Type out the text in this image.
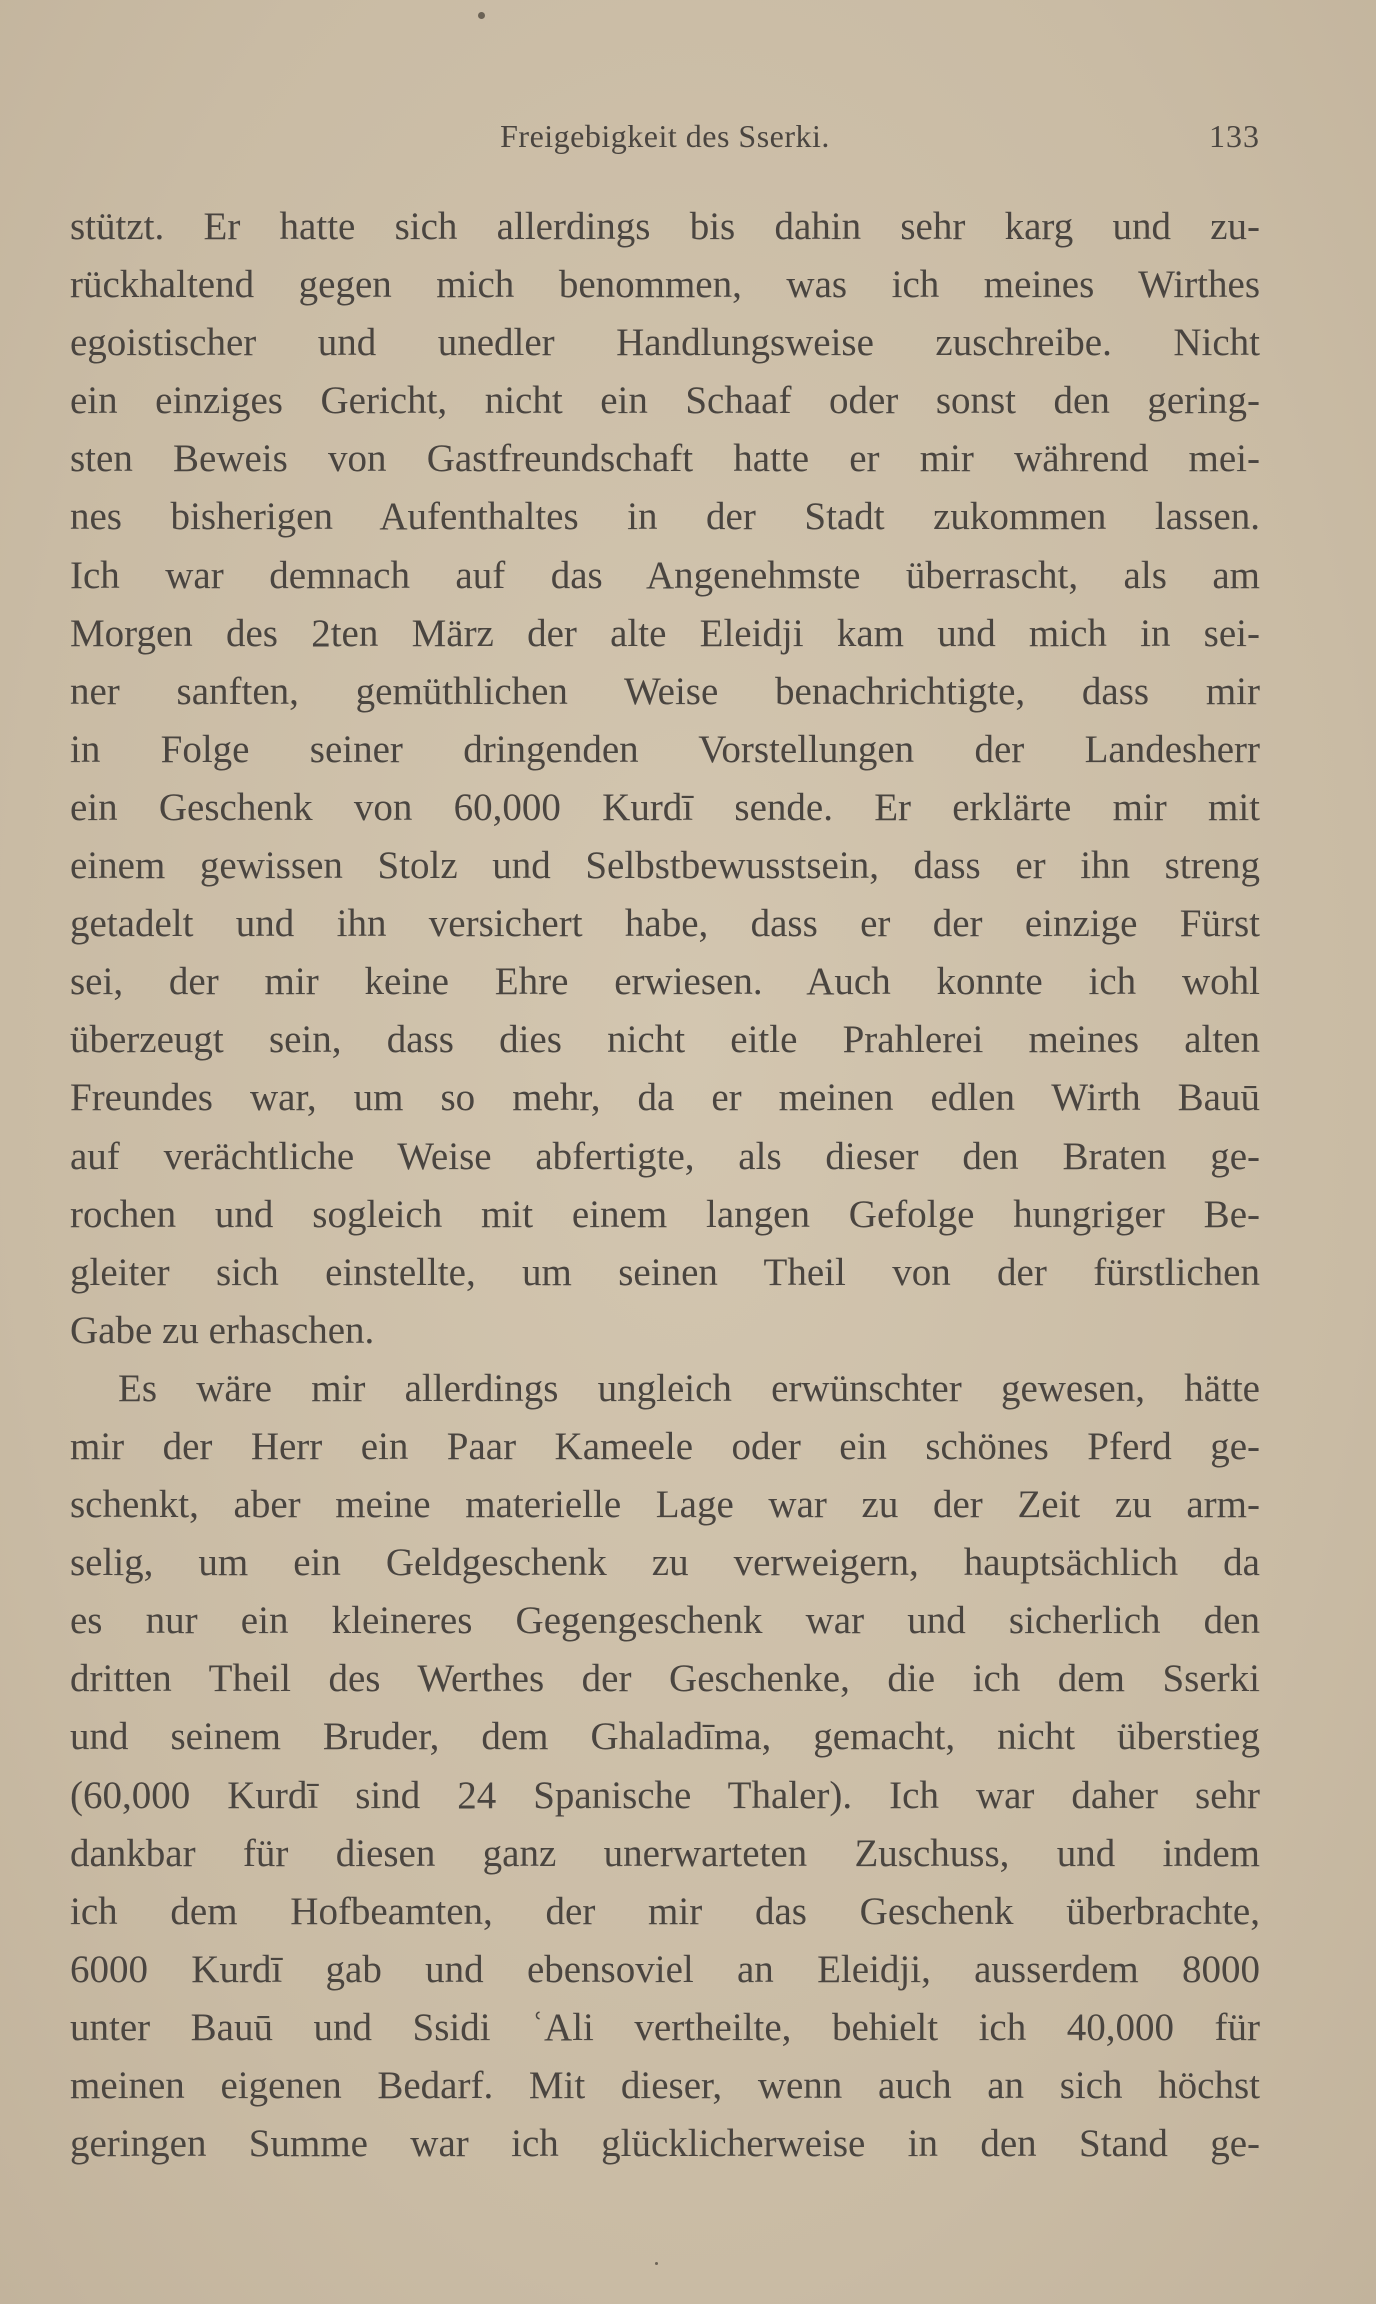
Freigebigkeit des Sserki.	133
stützt. Er hatte sich allerdings bis dahin sehr karg und zu-
rückhaltend gegen mich benommen, was ich meines Wirthes
egoistischer und unedler Handlungsweise zuschreibe. Nicht
ein einziges Gericht, nicht ein Schaaf oder sonst den gering-
sten Beweis von Gastfreundschaft hatte er mir während mei-
nes bisherigen Aufenthaltes in der Stadt zukommen lassen.
Ich war demnach auf das Angenehmste überrascht, als am
Morgen des 2ten März der alte Eleidji kam und mich in sei-
ner sanften, gemüthlichen Weise benachrichtigte, dass mir
in Folge seiner dringenden Vorstellungen der Landesherr
ein Geschenk von 60,000 Kurdī sende. Er erklärte mir mit
einem gewissen Stolz und Selbstbewusstsein, dass er ihn streng
getadelt und ihn versichert habe, dass er der einzige Fürst
sei, der mir keine Ehre erwiesen. Auch konnte ich wohl
überzeugt sein, dass dies nicht eitle Prahlerei meines alten
Freundes war, um so mehr, da er meinen edlen Wirth Bauū
auf verächtliche Weise abfertigte, als dieser den Braten ge-
rochen und sogleich mit einem langen Gefolge hungriger Be-
gleiter sich einstellte, um seinen Theil von der fürstlichen
Gabe zu erhaschen.
Es wäre mir allerdings ungleich erwünschter gewesen, hätte
mir der Herr ein Paar Kameele oder ein schönes Pferd ge-
schenkt, aber meine materielle Lage war zu der Zeit zu arm-
selig, um ein Geldgeschenk zu verweigern, hauptsächlich da
es nur ein kleineres Gegengeschenk war und sicherlich den
dritten Theil des Werthes der Geschenke, die ich dem Sserki
und seinem Bruder, dem Ghaladīma, gemacht, nicht überstieg
(60,000 Kurdī sind 24 Spanische Thaler). Ich war daher sehr
dankbar für diesen ganz unerwarteten Zuschuss, und indem
ich dem Hofbeamten, der mir das Geschenk überbrachte,
6000 Kurdī gab und ebensoviel an Eleidji, ausserdem 8000
unter Bauū und Ssidi ʿAli vertheilte, behielt ich 40,000 für
meinen eigenen Bedarf. Mit dieser, wenn auch an sich höchst
geringen Summe war ich glücklicherweise in den Stand ge-
